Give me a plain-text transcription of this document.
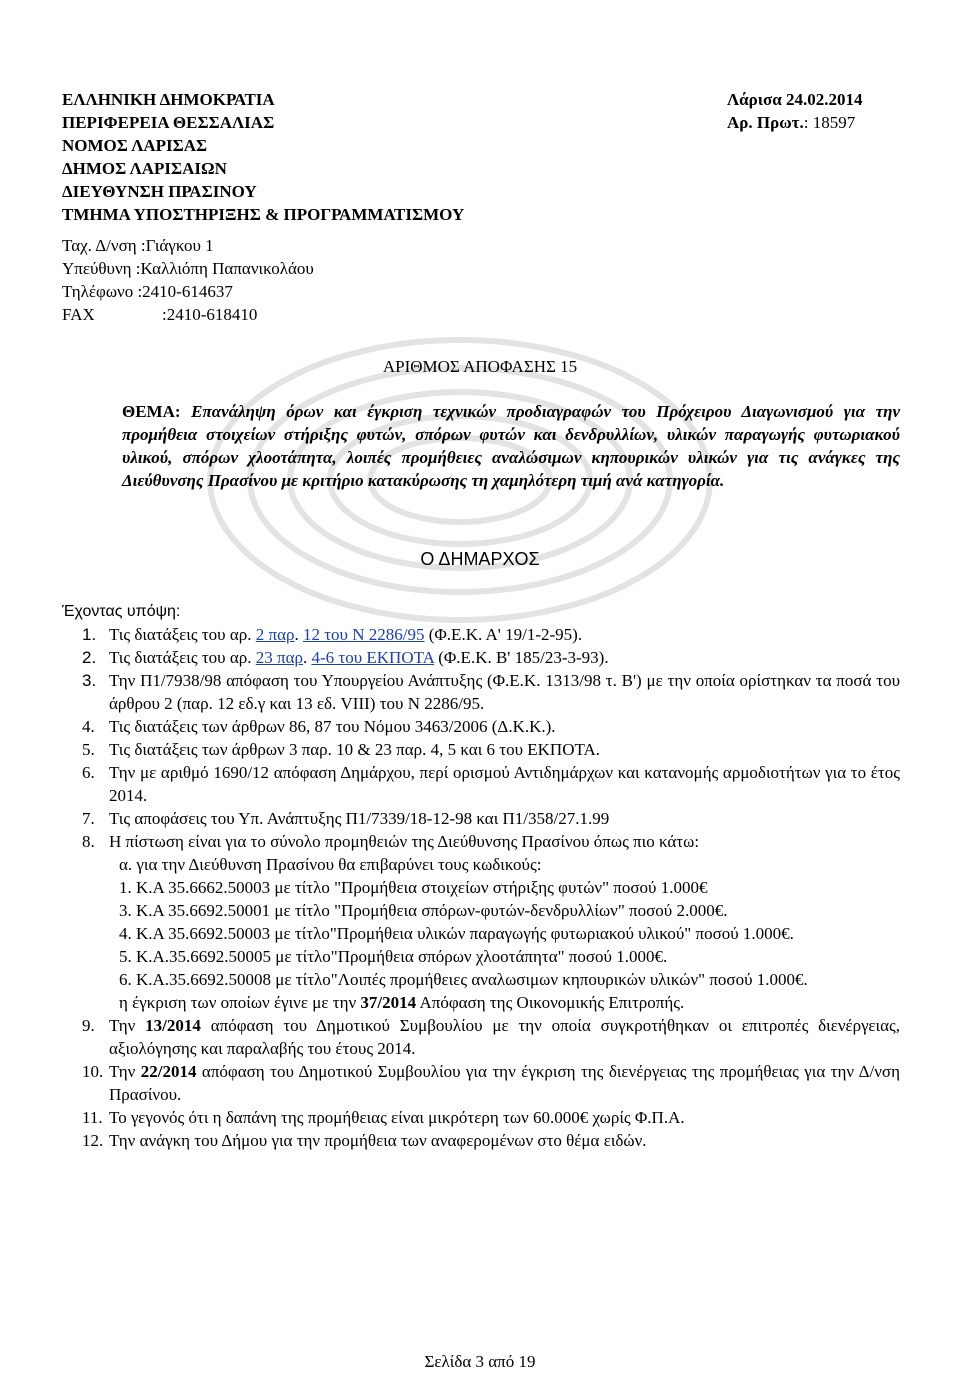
ΕΛΛΗΝΙΚΗ ΔΗΜΟΚΡΑΤΙΑ
ΠΕΡΙΦΕΡΕΙΑ ΘΕΣΣΑΛΙΑΣ
ΝΟΜΟΣ ΛΑΡΙΣΑΣ
ΔΗΜΟΣ ΛΑΡΙΣΑΙΩΝ
ΔΙΕΥΘΥΝΣΗ ΠΡΑΣΙΝΟΥ
ΤΜΗΜΑ ΥΠΟΣΤΗΡΙΞΗΣ & ΠΡΟΓΡΑΜΜΑΤΙΣΜΟΥ
Λάρισα 24.02.2014
Αρ. Πρωτ.: 18597
Ταχ. Δ/νση :Γιάγκου 1
Υπεύθυνη :Καλλιόπη Παπανικολάου
Τηλέφωνο :2410-614637
FAX	:2410-618410
ΑΡΙΘΜΟΣ ΑΠΟΦΑΣΗΣ 15
ΘΕΜΑ: Επανάληψη όρων και έγκριση τεχνικών προδιαγραφών του Πρόχειρου Διαγωνισμού για την προμήθεια στοιχείων στήριξης φυτών, σπόρων φυτών και δενδρυλλίων, υλικών παραγωγής φυτωριακού υλικού, σπόρων χλοοτάπητα, λοιπές προμήθειες αναλώσιμων κηπουρικών υλικών για τις ανάγκες της Διεύθυνσης Πρασίνου με κριτήριο κατακύρωσης τη χαμηλότερη τιμή ανά κατηγορία.
Ο ΔΗΜΑΡΧΟΣ
Έχοντας υπόψη:
1. Τις διατάξεις του αρ. 2 παρ. 12 του Ν 2286/95 (Φ.Ε.Κ. Α' 19/1-2-95).
2. Τις διατάξεις του αρ. 23 παρ. 4-6 του ΕΚΠΟΤΑ (Φ.Ε.Κ. Β' 185/23-3-93).
3. Την Π1/7938/98 απόφαση του Υπουργείου Ανάπτυξης (Φ.Ε.Κ. 1313/98 τ. Β') με την οποία ορίστηκαν τα ποσά του άρθρου 2 (παρ. 12 εδ.γ και 13 εδ. VIII) του Ν 2286/95.
4. Τις διατάξεις των άρθρων 86, 87 του Νόμου 3463/2006 (Δ.Κ.Κ.).
5. Τις διατάξεις των άρθρων 3 παρ. 10 & 23 παρ. 4, 5 και 6 του ΕΚΠΟΤΑ.
6. Την με αριθμό 1690/12 απόφαση Δημάρχου, περί ορισμού Αντιδημάρχων και κατανομής αρμοδιοτήτων για το έτος 2014.
7. Τις αποφάσεις του Υπ. Ανάπτυξης Π1/7339/18-12-98 και Π1/358/27.1.99
8. Η πίστωση είναι για το σύνολο προμηθειών της Διεύθυνσης Πρασίνου όπως πιο κάτω:
α. για την Διεύθυνση Πρασίνου θα επιβαρύνει τους κωδικούς:
1. Κ.Α 35.6662.50003 με τίτλο "Προμήθεια στοιχείων στήριξης φυτών" ποσού 1.000€
3. Κ.Α 35.6692.50001 με τίτλο "Προμήθεια σπόρων-φυτών-δενδρυλλίων" ποσού 2.000€.
4. Κ.Α 35.6692.50003 με τίτλο"Προμήθεια υλικών παραγωγής φυτωριακού υλικού" ποσού 1.000€.
5. Κ.Α.35.6692.50005 με τίτλο"Προμήθεια σπόρων χλοοτάπητα" ποσού 1.000€.
6. Κ.Α.35.6692.50008 με τίτλο"Λοιπές προμήθειες αναλωσιμων κηπουρικών υλικών" ποσού 1.000€.
η έγκριση των οποίων έγινε με την 37/2014 Απόφαση της Οικονομικής Επιτροπής.
9. Την 13/2014 απόφαση του Δημοτικού Συμβουλίου με την οποία συγκροτήθηκαν οι επιτροπές διενέργειας, αξιολόγησης και παραλαβής του έτους 2014.
10. Την 22/2014 απόφαση του Δημοτικού Συμβουλίου για την έγκριση της διενέργειας της προμήθειας για την Δ/νση Πρασίνου.
11. Το γεγονός ότι η δαπάνη της προμήθειας είναι μικρότερη των 60.000€ χωρίς Φ.Π.Α.
12. Την ανάγκη του Δήμου για την προμήθεια των αναφερομένων στο θέμα ειδών.
Σελίδα 3 από 19
